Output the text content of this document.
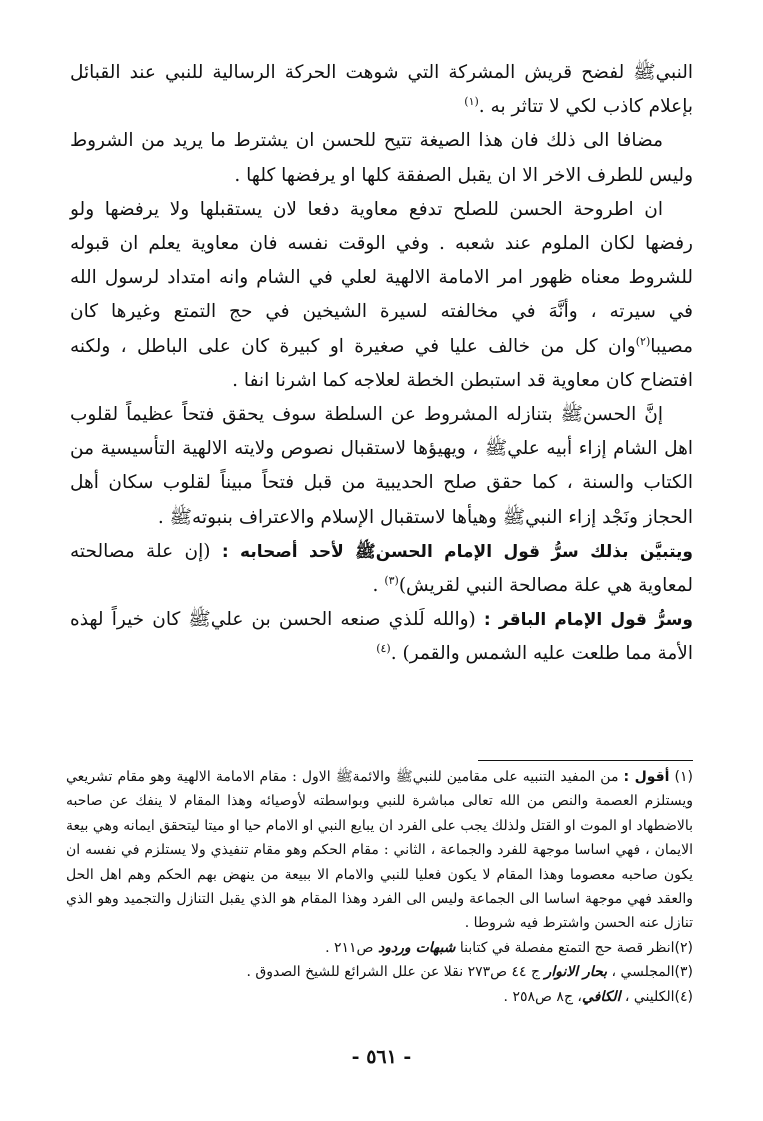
النبيﷺ لفضح قريش المشركة التي شوهت الحركة الرسالية للنبي عند القبائل بإعلام كاذب لكي لا تتاثر به .$^{(١)}$

مضافا الى ذلك فان هذا الصيغة تتيح للحسن ان يشترط ما يريد من الشروط وليس للطرف الاخر الا ان يقبل الصفقة كلها او يرفضها كلها .

ان اطروحة الحسن للصلح تدفع معاوية دفعا لان يستقبلها ولا يرفضها ولو رفضها لكان الملوم عند شعبه . وفي الوقت نفسه فان معاوية يعلم ان قبوله للشروط معناه ظهور امر الامامة الالهية لعلي في الشام وانه امتداد لرسول الله في سيرته ، وأنَّهَ في مخالفته لسيرة الشيخين في حج التمتع وغيرها كان مصيبا$^{(٢)}$وان كل من خالف عليا في صغيرة او كبيرة كان على الباطل ، ولكنه افتضاح كان معاوية قد استبطن الخطة لعلاجه كما اشرنا انفا .

إنَّ الحسنﷺ بتنازله المشروط عن السلطة سوف يحقق فتحاً عظيماً لقلوب اهل الشام إزاء أبيه عليﷺ ، ويهيؤها لاستقبال نصوص ولايته الالهية التأسيسية من الكتاب والسنة ، كما حقق صلح الحديبية من قبل فتحاً مبيناً لقلوب سكان أهل الحجاز ونَجْد إزاء النبيﷺ وهيأها لاستقبال الإسلام والاعتراف بنبوتهﷺ .

ويتبيَّن بذلك سرُّ قول الإمام الحسنﷺ لأحد أصحابه : (إن علة مصالحته لمعاوية هي علة مصالحة النبي لقريش)$^{(٣)}$ .

وسرُّ قول الإمام الباقر : (والله لَلذي صنعه الحسن بن عليﷺ كان خيراً لهذه الأمة مما طلعت عليه الشمس والقمر) .$^{(٤)}$

(١) أقول : من المفيد التنبيه على مقامين للنبيﷺ والائمةﷺ الاول : مقام الامامة الالهية وهو مقام تشريعي ويستلزم العصمة والنص من الله تعالى مباشرة للنبي وبواسطته لأوصيائه وهذا المقام لا ينفك عن صاحبه بالاضطهاد او الموت او القتل ولذلك يجب على الفرد ان يبايع النبي او الامام حيا او ميتا ليتحقق ايمانه وهي بيعة الايمان ، فهي اساسا موجهة للفرد والجماعة ، الثاني : مقام الحكم وهو مقام تنفيذي ولا يستلزم في نفسه ان يكون صاحبه معصوما وهذا المقام لا يكون فعليا للنبي والامام الا ببيعة من ينهض بهم الحكم وهم اهل الحل والعقد فهي موجهة اساسا الى الجماعة وليس الى الفرد وهذا المقام هو الذي يقبل التنازل والتجميد وهو الذي تنازل عنه الحسن واشترط فيه شروطا .

(٢)انظر قصة حج التمتع مفصلة في كتابنا شبهات وردود ص٢١١ .

(٣)المجلسي ، بحار الانوار ج ٤٤ ص٢٧٣ نقلا عن علل الشرائع للشيخ الصدوق .

(٤)الكليني ، الكافي، ج٨ ص٢٥٨ .

- ٥٦١ -
